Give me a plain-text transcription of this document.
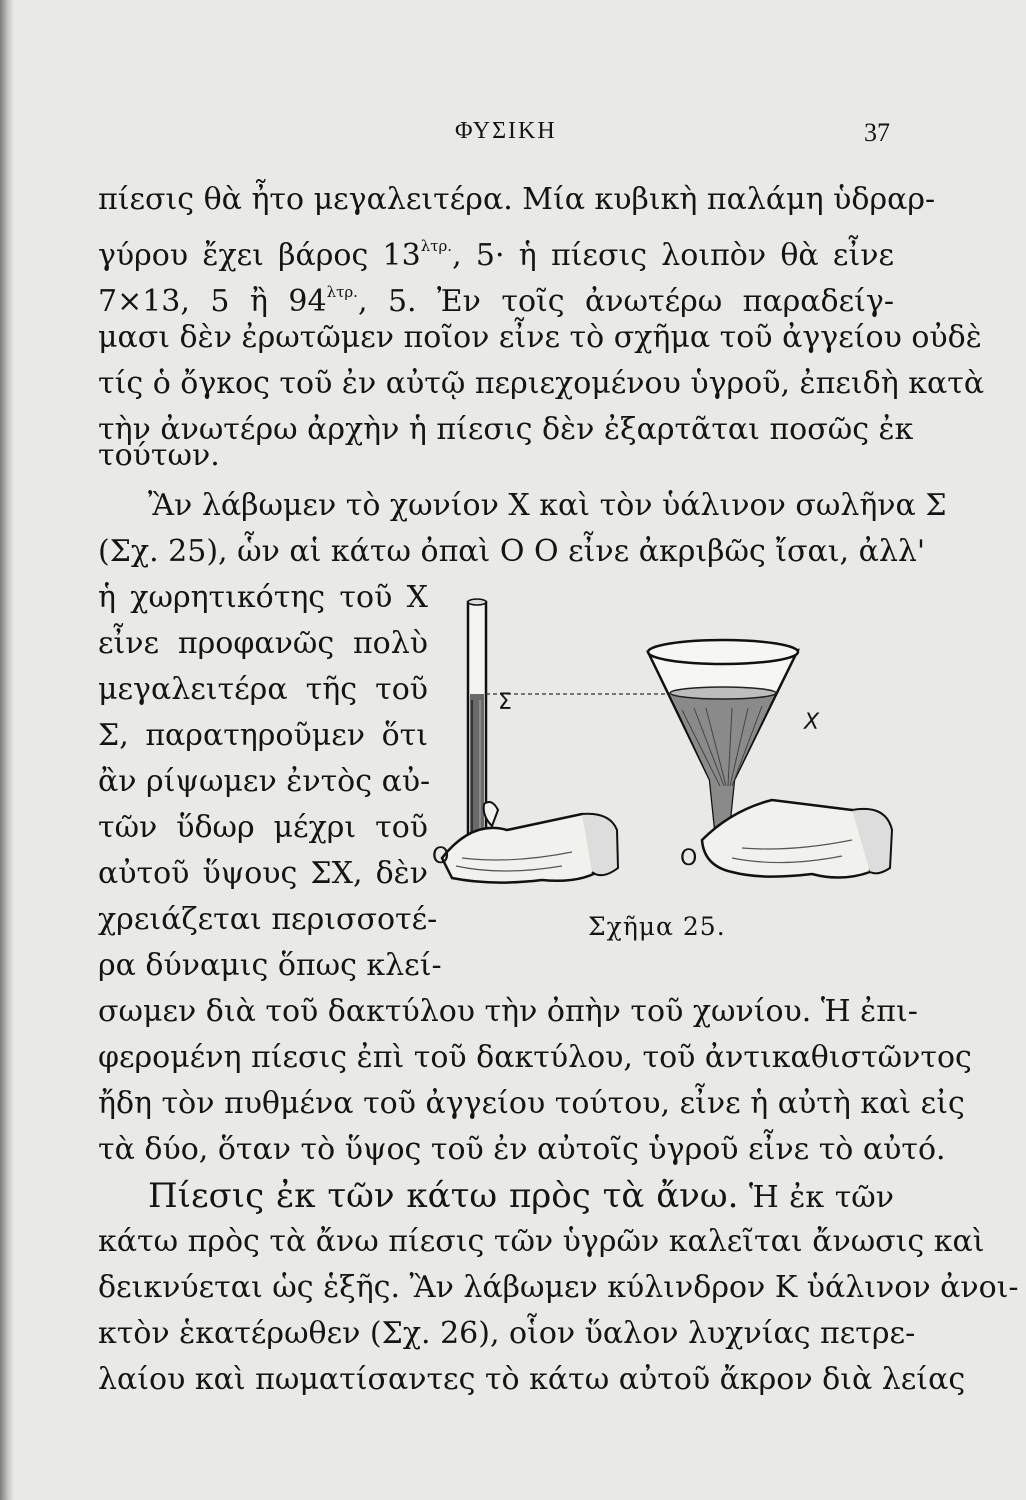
ΦΥΣΙΚΗ	37
πίεσις θὰ ἦτο μεγαλειτέρα. Μία κυβικὴ παλάμη ὑδραρ-
γύρου ἔχει βάρος $13^{\lambda\tau\rho.}$, 5· ἡ πίεσις λοιπὸν θὰ εἶνε
7×13, 5 ἢ $94^{\lambda\tau\rho.}$, 5. Ἐν τοῖς ἀνωτέρω παραδείγ-
μασι δὲν ἐρωτῶμεν ποῖον εἶνε τὸ σχῆμα τοῦ ἀγγείου οὐδὲ
τίς ὁ ὄγκος τοῦ ἐν αὐτῷ περιεχομένου ὑγροῦ, ἐπειδὴ κατὰ
τὴν ἀνωτέρω ἀρχὴν ἡ πίεσις δὲν ἐξαρτᾶται ποσῶς ἐκ
τούτων.
Ἂν λάβωμεν τὸ χωνίον Χ καὶ τὸν ὑάλινον σωλῆνα Σ
(Σχ. 25), ὧν αἱ κάτω ὀπαὶ O O εἶνε ἀκριβῶς ἴσαι, ἀλλ'
ἡ χωρητικότης τοῦ Χ
εἶνε προφανῶς πολὺ
μεγαλειτέρα τῆς τοῦ
Σ, παρατηροῦμεν ὅτι
ἂν ρίψωμεν ἐντὸς αὐ-
τῶν ὕδωρ μέχρι τοῦ
αὐτοῦ ὕψους ΣΧ, δὲν
χρειάζεται περισσοτέ-
ρα δύναμις ὅπως κλεί-
σωμεν διὰ τοῦ δακτύλου τὴν ὀπὴν τοῦ χωνίου. Ἡ ἐπι-
φερομένη πίεσις ἐπὶ τοῦ δακτύλου, τοῦ ἀντικαθιστῶντος
ἤδη τὸν πυθμένα τοῦ ἀγγείου τούτου, εἶνε ἡ αὐτὴ καὶ εἰς
τὰ δύο, ὅταν τὸ ὕψος τοῦ ἐν αὐτοῖς ὑγροῦ εἶνε τὸ αὐτό.
Πίεσις ἐκ τῶν κάτω πρὸς τὰ ἄνω. Ἡ ἐκ τῶν
κάτω πρὸς τὰ ἄνω πίεσις τῶν ὑγρῶν καλεῖται ἄνωσις καὶ
δεικνύεται ὡς ἑξῆς. Ἂν λάβωμεν κύλινδρον Κ ὑάλινον ἀνοι-
κτὸν ἑκατέρωθεν (Σχ. 26), οἷον ὕαλον λυχνίας πετρε-
λαίου καὶ πωματίσαντες τὸ κάτω αὐτοῦ ἄκρον διὰ λείας
Σ
Χ
O	O
Σχῆμα 25.
